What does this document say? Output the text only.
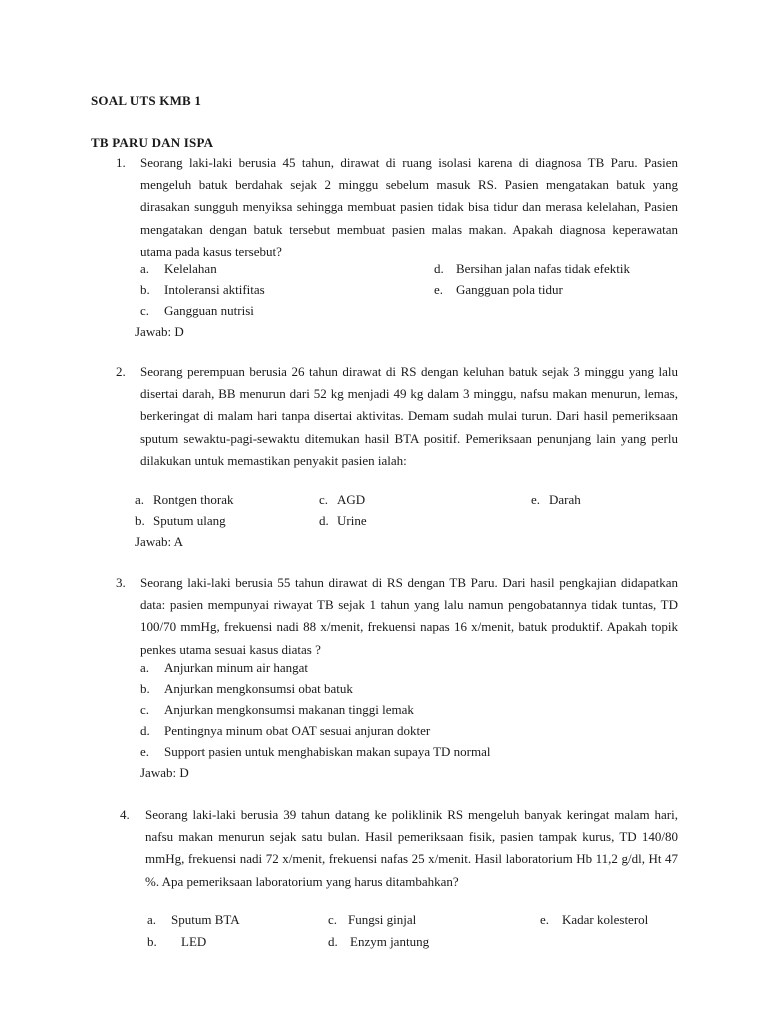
SOAL UTS KMB 1
TB PARU DAN ISPA
1. Seorang laki-laki berusia 45 tahun, dirawat di ruang isolasi karena di diagnosa TB Paru. Pasien mengeluh batuk berdahak sejak 2 minggu sebelum masuk RS. Pasien mengatakan batuk yang dirasakan sungguh menyiksa sehingga membuat pasien tidak bisa tidur dan merasa kelelahan, Pasien mengatakan dengan batuk tersebut membuat pasien malas makan. Apakah diagnosa keperawatan utama pada kasus tersebut?
a. Kelelahan
b. Intoleransi aktifitas
c. Gangguan nutrisi
d. Bersihan jalan nafas tidak efektik
e. Gangguan pola tidur
Jawab: D
2. Seorang perempuan berusia 26 tahun dirawat di RS dengan keluhan batuk sejak 3 minggu yang lalu disertai darah, BB menurun dari 52 kg menjadi 49 kg dalam 3 minggu, nafsu makan menurun, lemas, berkeringat di malam hari tanpa disertai aktivitas. Demam sudah mulai turun. Dari hasil pemeriksaan sputum sewaktu-pagi-sewaktu ditemukan hasil BTA positif. Pemeriksaan penunjang lain yang perlu dilakukan untuk memastikan penyakit pasien ialah:
a. Rontgen thorak
b. Sputum ulang
c. AGD
d. Urine
e. Darah
Jawab: A
3. Seorang laki-laki berusia 55 tahun dirawat di RS dengan TB Paru. Dari hasil pengkajian didapatkan data: pasien mempunyai riwayat TB sejak 1 tahun yang lalu namun pengobatannya tidak tuntas, TD 100/70 mmHg, frekuensi nadi 88 x/menit, frekuensi napas 16 x/menit, batuk produktif. Apakah topik penkes utama sesuai kasus diatas ?
a. Anjurkan minum air hangat
b. Anjurkan mengkonsumsi obat batuk
c. Anjurkan mengkonsumsi makanan tinggi lemak
d. Pentingnya minum obat OAT sesuai anjuran dokter
e. Support pasien untuk menghabiskan makan supaya TD normal
Jawab: D
4. Seorang laki-laki berusia 39 tahun datang ke poliklinik RS mengeluh banyak keringat malam hari, nafsu makan menurun sejak satu bulan. Hasil pemeriksaan fisik, pasien tampak kurus, TD 140/80 mmHg, frekuensi nadi 72 x/menit, frekuensi nafas 25 x/menit. Hasil laboratorium Hb 11,2 g/dl, Ht 47 %. Apa pemeriksaan laboratorium yang harus ditambahkan?
a. Sputum BTA
b. LED
c. Fungsi ginjal
d. Enzym jantung
e. Kadar kolesterol
